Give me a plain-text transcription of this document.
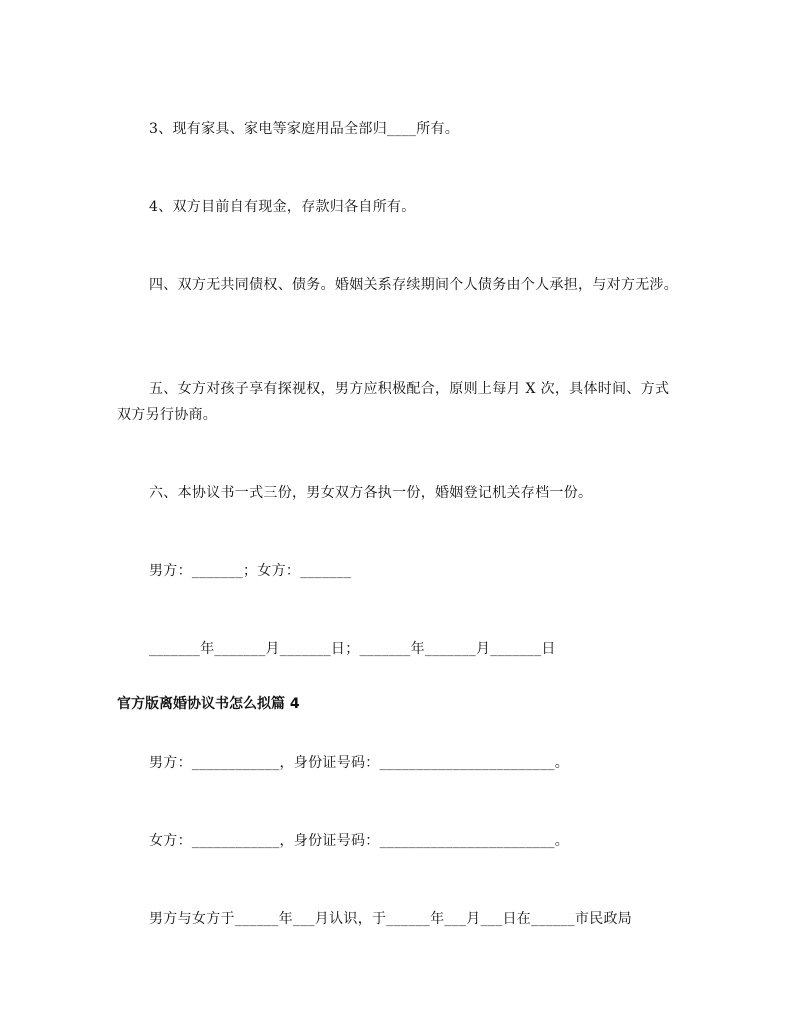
3、现有家具、家电等家庭用品全部归____所有。

4、双方目前自有现金，存款归各自所有。

四、双方无共同债权、债务。婚姻关系存续期间个人债务由个人承担，与对方无涉。

五、女方对孩子享有探视权，男方应积极配合，原则上每月 X 次，具体时间、方式双方另行协商。

六、本协议书一式三份，男女双方各执一份，婚姻登记机关存档一份。

男方：_______；女方：_______

_______年_______月_______日；_______年_______月_______日

官方版离婚协议书怎么拟篇 4

男方：____________，身份证号码：________________________。

女方：____________，身份证号码：________________________。

男方与女方于______年___月认识，于______年___月___日在______市民政局
